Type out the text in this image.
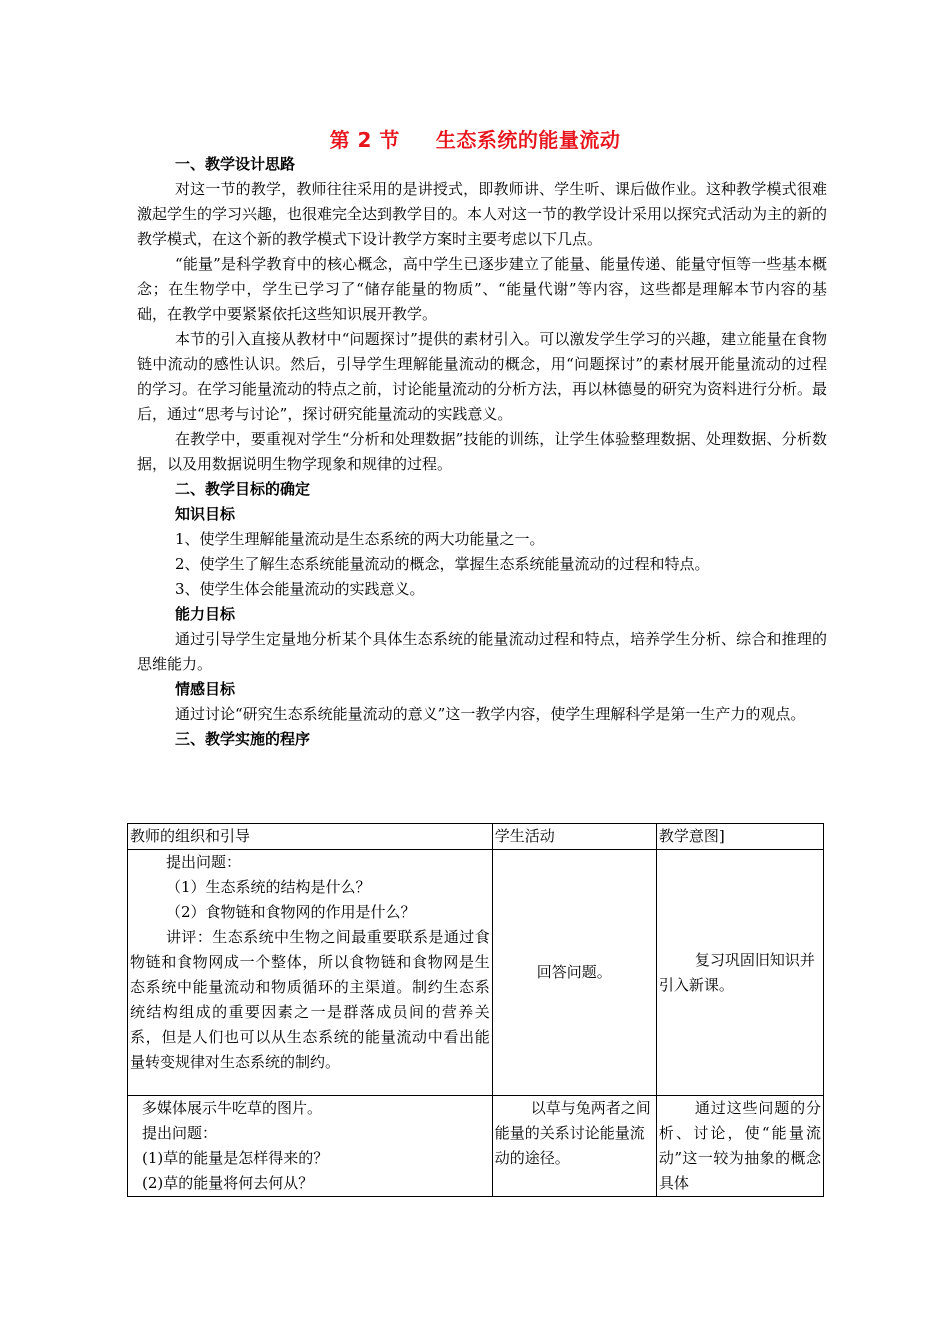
第 2 节 生态系统的能量流动

一、教学设计思路

对这一节的教学，教师往往采用的是讲授式，即教师讲、学生听、课后做作业。这种教学模式很难激起学生的学习兴趣，也很难完全达到教学目的。本人对这一节的教学设计采用以探究式活动为主的新的教学模式，在这个新的教学模式下设计教学方案时主要考虑以下几点。

“能量”是科学教育中的核心概念，高中学生已逐步建立了能量、能量传递、能量守恒等一些基本概念；在生物学中，学生已学习了“储存能量的物质”、“能量代谢”等内容，这些都是理解本节内容的基础，在教学中要紧紧依托这些知识展开教学。

本节的引入直接从教材中“问题探讨”提供的素材引入。可以激发学生学习的兴趣，建立能量在食物链中流动的感性认识。然后，引导学生理解能量流动的概念，用“问题探讨”的素材展开能量流动的过程的学习。在学习能量流动的特点之前，讨论能量流动的分析方法，再以林德曼的研究为资料进行分析。最后，通过“思考与讨论”，探讨研究能量流动的实践意义。

在教学中，要重视对学生“分析和处理数据”技能的训练，让学生体验整理数据、处理数据、分析数据，以及用数据说明生物学现象和规律的过程。

二、教学目标的确定

知识目标

1、使学生理解能量流动是生态系统的两大功能量之一。

2、使学生了解生态系统能量流动的概念，掌握生态系统能量流动的过程和特点。

3、使学生体会能量流动的实践意义。

能力目标

通过引导学生定量地分析某个具体生态系统的能量流动过程和特点，培养学生分析、综合和推理的思维能力。

情感目标

通过讨论“研究生态系统能量流动的意义”这一教学内容，使学生理解科学是第一生产力的观点。

三、教学实施的程序

教师的组织和引导	学生活动	教学意图]

提出问题：
（1）生态系统的结构是什么？
（2）食物链和食物网的作用是什么？
讲评：生态系统中生物之间最重要联系是通过食物链和食物网成一个整体，所以食物链和食物网是生态系统中能量流动和物质循环的主渠道。制约生态系统结构组成的重要因素之一是群落成员间的营养关系，但是人们也可以从生态系统的能量流动中看出能量转变规律对生态系统的制约。	回答问题。	复习巩固旧知识并引入新课。

多媒体展示牛吃草的图片。
提出问题：
(1)草的能量是怎样得来的？
(2)草的能量将何去何从？	以草与兔两者之间能量的关系讨论能量流动的途径。	通过这些问题的分析、讨论，使“能量流动”这一较为抽象的概念具体
